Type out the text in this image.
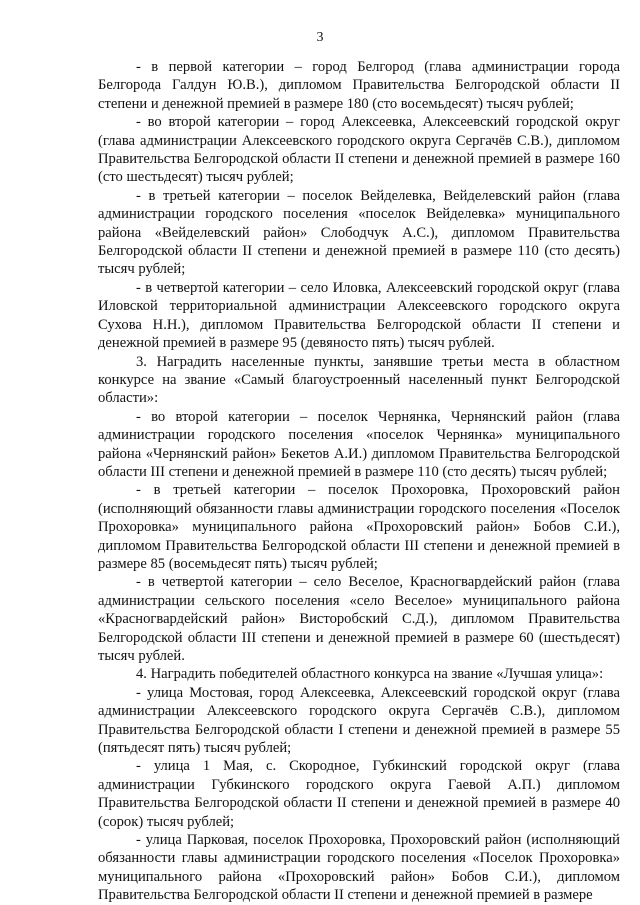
3

- в первой категории – город Белгород (глава администрации города Белгорода Галдун Ю.В.), дипломом Правительства Белгородской области II степени и денежной премией в размере 180 (сто восемьдесят) тысяч рублей;

- во второй категории – город Алексеевка, Алексеевский городской округ (глава администрации Алексеевского городского округа Сергачёв С.В.), дипломом Правительства Белгородской области II степени и денежной премией в размере 160 (сто шестьдесят) тысяч рублей;

- в третьей категории – поселок Вейделевка, Вейделевский район (глава администрации городского поселения «поселок Вейделевка» муниципального района «Вейделевский район» Слободчук А.С.), дипломом Правительства Белгородской области II степени и денежной премией в размере 110 (сто десять) тысяч рублей;

- в четвертой категории – село Иловка, Алексеевский городской округ (глава Иловской территориальной администрации Алексеевского городского округа Сухова Н.Н.), дипломом Правительства Белгородской области II степени и денежной премией в размере 95 (девяносто пять) тысяч рублей.

3. Наградить населенные пункты, занявшие третьи места в областном конкурсе на звание «Самый благоустроенный населенный пункт Белгородской области»:

- во второй категории – поселок Чернянка, Чернянский район (глава администрации городского поселения «поселок Чернянка» муниципального района «Чернянский район» Бекетов А.И.) дипломом Правительства Белгородской области III степени и денежной премией в размере 110 (сто десять) тысяч рублей;

- в третьей категории – поселок Прохоровка, Прохоровский район (исполняющий обязанности главы администрации городского поселения «Поселок Прохоровка» муниципального района «Прохоровский район» Бобов С.И.), дипломом Правительства Белгородской области III степени и денежной премией в размере 85 (восемьдесят пять) тысяч рублей;

- в четвертой категории – село Веселое, Красногвардейский район (глава администрации сельского поселения «село Веселое» муниципального района «Красногвардейский район» Висторобский С.Д.), дипломом Правительства Белгородской области III степени и денежной премией в размере 60 (шестьдесят) тысяч рублей.

4. Наградить победителей областного конкурса на звание «Лучшая улица»:

- улица Мостовая, город Алексеевка, Алексеевский городской округ (глава администрации Алексеевского городского округа Сергачёв С.В.), дипломом Правительства Белгородской области I степени и денежной премией в размере 55 (пятьдесят пять) тысяч рублей;

- улица 1 Мая, с. Скородное, Губкинский городской округ (глава администрации Губкинского городского округа Гаевой А.П.) дипломом Правительства Белгородской области II степени и денежной премией в размере 40 (сорок) тысяч рублей;

- улица Парковая, поселок Прохоровка, Прохоровский район (исполняющий обязанности главы администрации городского поселения «Поселок Прохоровка» муниципального района «Прохоровский район» Бобов С.И.), дипломом Правительства Белгородской области II степени и денежной премией в размере
